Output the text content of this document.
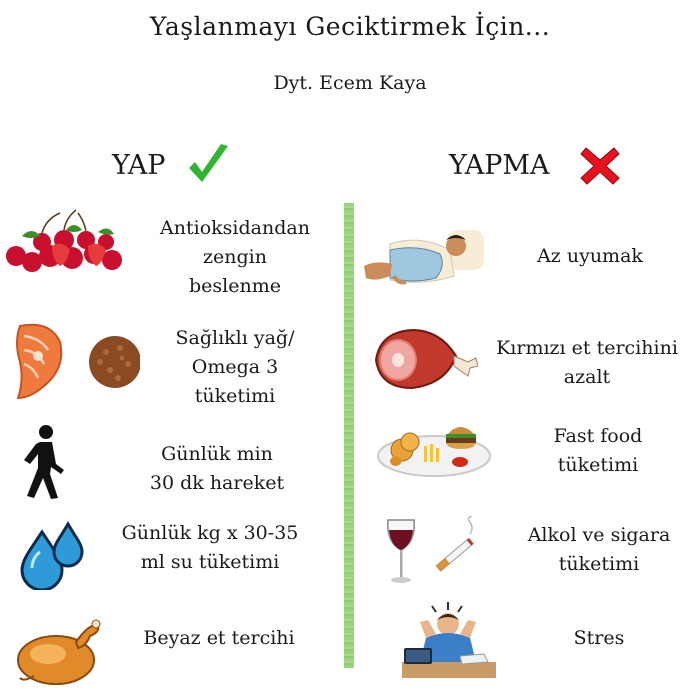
Yaşlanmayı Geciktirmek İçin...
Dyt. Ecem Kaya
YAP	YAPMA
Antioksidandan
zengin
beslenme
Sağlıklı yağ/
Omega 3
tüketimi
Günlük min
30 dk hareket
Günlük kg x 30-35
ml su tüketimi
Beyaz et tercihi
Az uyumak
Kırmızı et tercihini
azalt
Fast food
tüketimi
Alkol ve sigara
tüketimi
Stres
